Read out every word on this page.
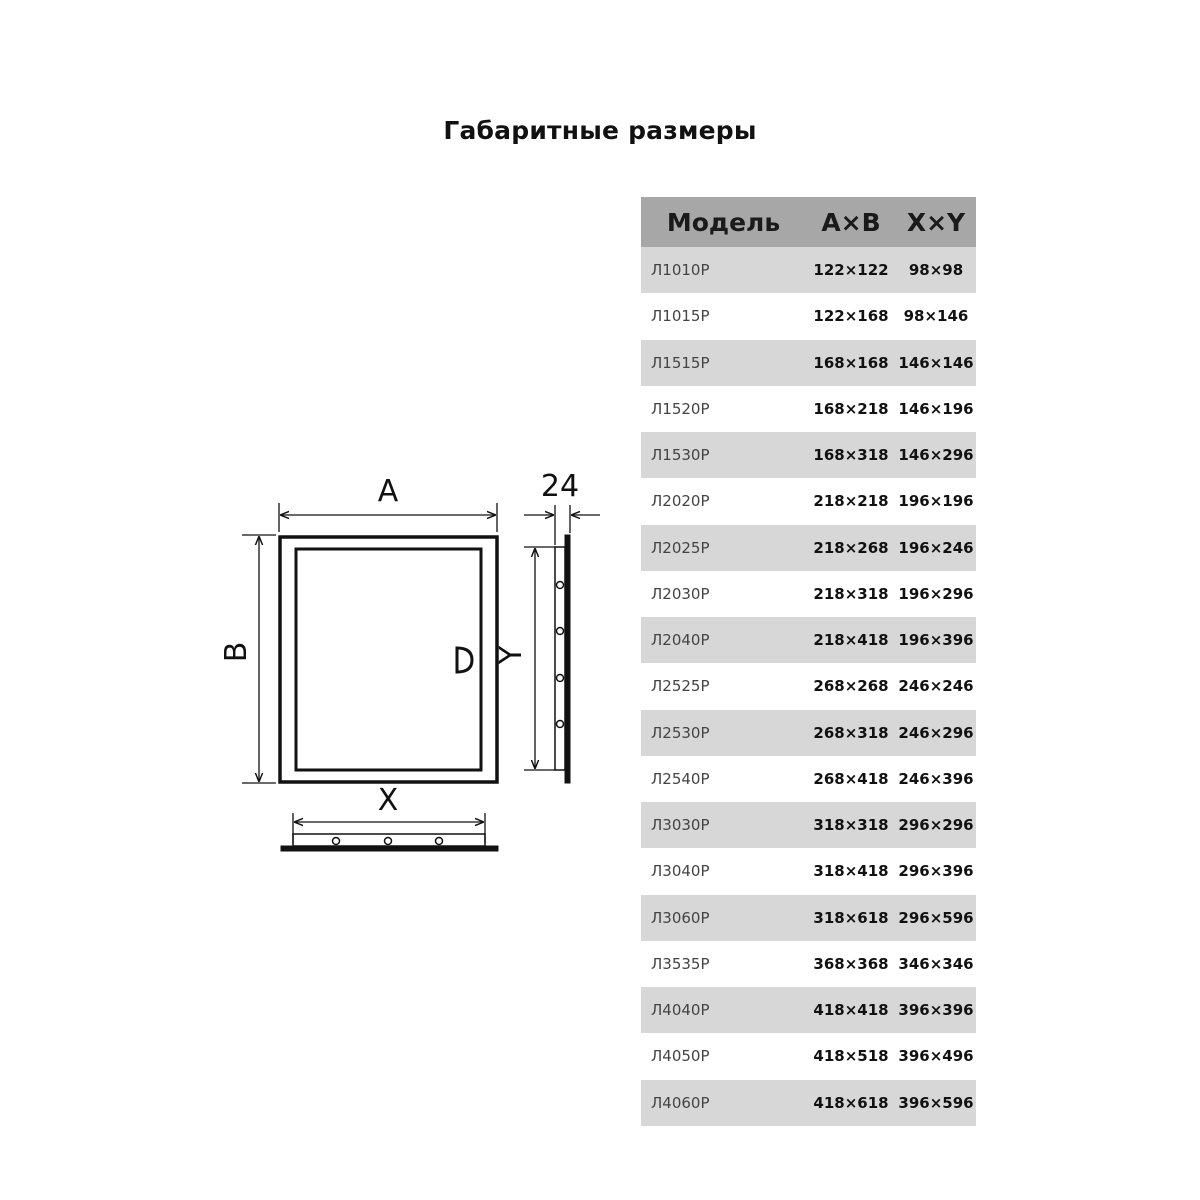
Габаритные размеры
A
B
X
Y
24
Модель	A×B	X×Y
Л1010Р	122×122	98×98
Л1015Р	122×168	98×146
Л1515Р	168×168 146×146
Л1520Р	168×218 146×196
Л1530Р	168×318 146×296
Л2020Р	218×218 196×196
Л2025Р	218×268 196×246
Л2030Р	218×318 196×296
Л2040Р	218×418 196×396
Л2525Р	268×268 246×246
Л2530Р	268×318 246×296
Л2540Р	268×418 246×396
Л3030Р	318×318 296×296
Л3040Р	318×418 296×396
Л3060Р	318×618 296×596
Л3535Р	368×368 346×346
Л4040Р	418×418 396×396
Л4050Р	418×518 396×496
Л4060Р	418×618 396×596
